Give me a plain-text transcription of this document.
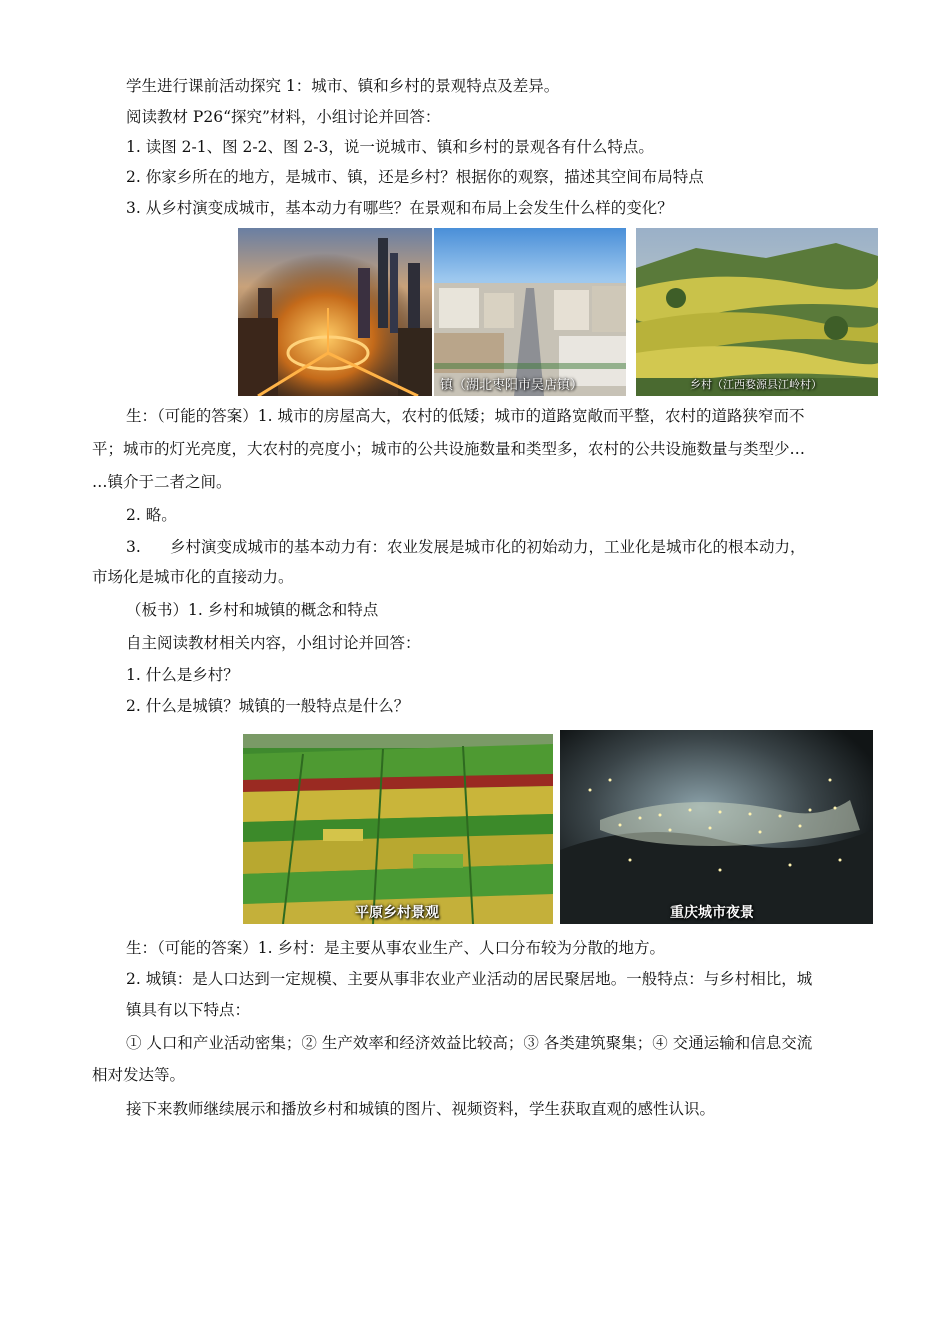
学生进行课前活动探究 1：城市、镇和乡村的景观特点及差异。
阅读教材 P26“探究”材料，小组讨论并回答：
1. 读图 2-1、图 2-2、图 2-3，说一说城市、镇和乡村的景观各有什么特点。
2. 你家乡所在的地方，是城市、镇，还是乡村？根据你的观察，描述其空间布局特点
3. 从乡村演变成城市，基本动力有哪些？在景观和布局上会发生什么样的变化？
镇（湖北枣阳市吴店镇）	乡村（江西婺源县江岭村）
生：（可能的答案）1. 城市的房屋高大，农村的低矮；城市的道路宽敞而平整，农村的道路狭窄而不
平；城市的灯光亮度，大农村的亮度小；城市的公共设施数量和类型多，农村的公共设施数量与类型少…
…镇介于二者之间。
2. 略。
3. 乡村演变成城市的基本动力有：农业发展是城市化的初始动力，工业化是城市化的根本动力，
市场化是城市化的直接动力。
（板书）1. 乡村和城镇的概念和特点
自主阅读教材相关内容，小组讨论并回答：
1. 什么是乡村？
2. 什么是城镇？城镇的一般特点是什么？
平原乡村景观	重庆城市夜景
生：（可能的答案）1. 乡村：是主要从事农业生产、人口分布较为分散的地方。
2. 城镇：是人口达到一定规模、主要从事非农业产业活动的居民聚居地。一般特点：与乡村相比，城
镇具有以下特点：
① 人口和产业活动密集；② 生产效率和经济效益比较高；③ 各类建筑聚集；④ 交通运输和信息交流
相对发达等。
接下来教师继续展示和播放乡村和城镇的图片、视频资料，学生获取直观的感性认识。
